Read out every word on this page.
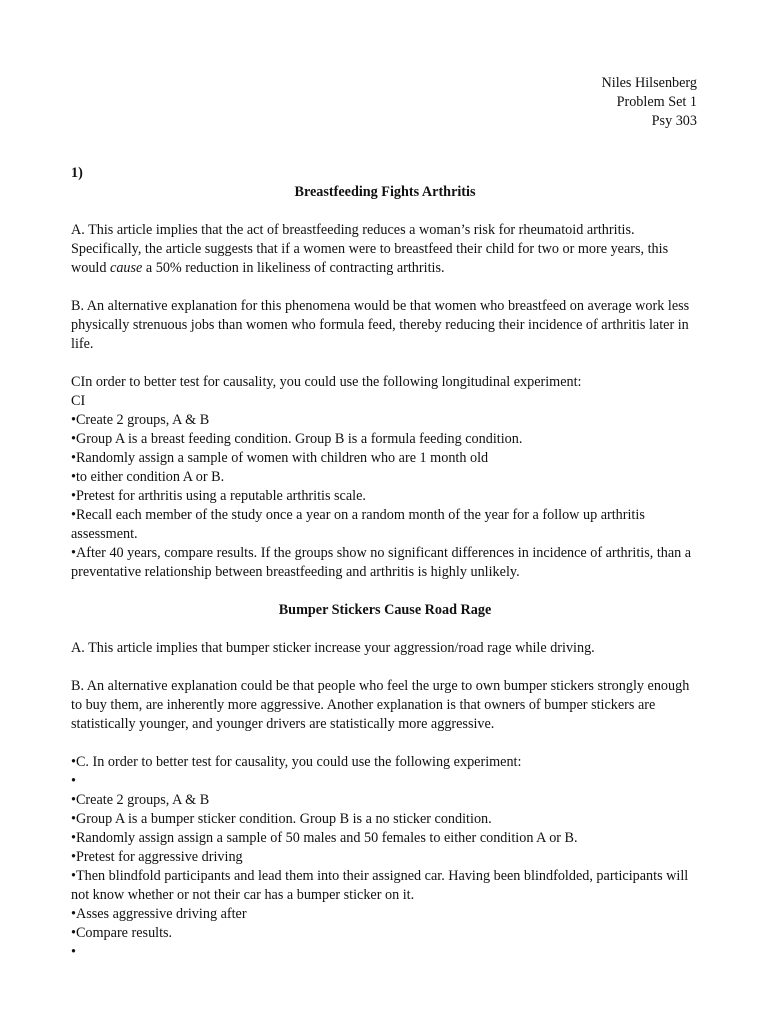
Niles Hilsenberg
Problem Set 1
Psy 303
1)
Breastfeeding Fights Arthritis

A. This article implies that the act of breastfeeding reduces a woman’s risk for rheumatoid arthritis. Specifically, the article suggests that if a women were to breastfeed their child for two or more years, this would cause a 50% reduction in likeliness of contracting arthritis.

B. An alternative explanation for this phenomena would be that women who breastfeed on average work less physically strenuous jobs than women who formula feed, thereby reducing their incidence of arthritis later in life.

CIn order to better test for causality, you could use the following longitudinal experiment:

CI

•Create 2 groups, A & B
•Group A is a breast feeding condition. Group B is a formula feeding condition.
•Randomly assign a sample of women with children who are 1 month old
•to either condition A or B.
•Pretest for arthritis using a reputable arthritis scale.
•Recall each member of the study once a year on a random month of the year for a follow up arthritis assessment.
•After 40 years, compare results. If the groups show no significant differences in incidence of arthritis, than a preventative relationship between breastfeeding and arthritis is highly unlikely.
Bumper Stickers Cause Road Rage

A. This article implies that bumper sticker increase your aggression/road rage while driving.

B. An alternative explanation could be that people who feel the urge to own bumper stickers strongly enough to buy them, are inherently more aggressive. Another explanation is that owners of bumper stickers are statistically younger, and younger drivers are statistically more aggressive.

•C. In order to better test for causality, you could use the following experiment:
•
•Create 2 groups, A & B
•Group A is a bumper sticker condition. Group B is a no sticker condition.
•Randomly assign assign a sample of 50 males and 50 females to either condition A or B.
•Pretest for aggressive driving
•Then blindfold participants and lead them into their assigned car. Having been blindfolded, participants will not know whether or not their car has a bumper sticker on it.
•Asses aggressive driving after
•Compare results.
•
